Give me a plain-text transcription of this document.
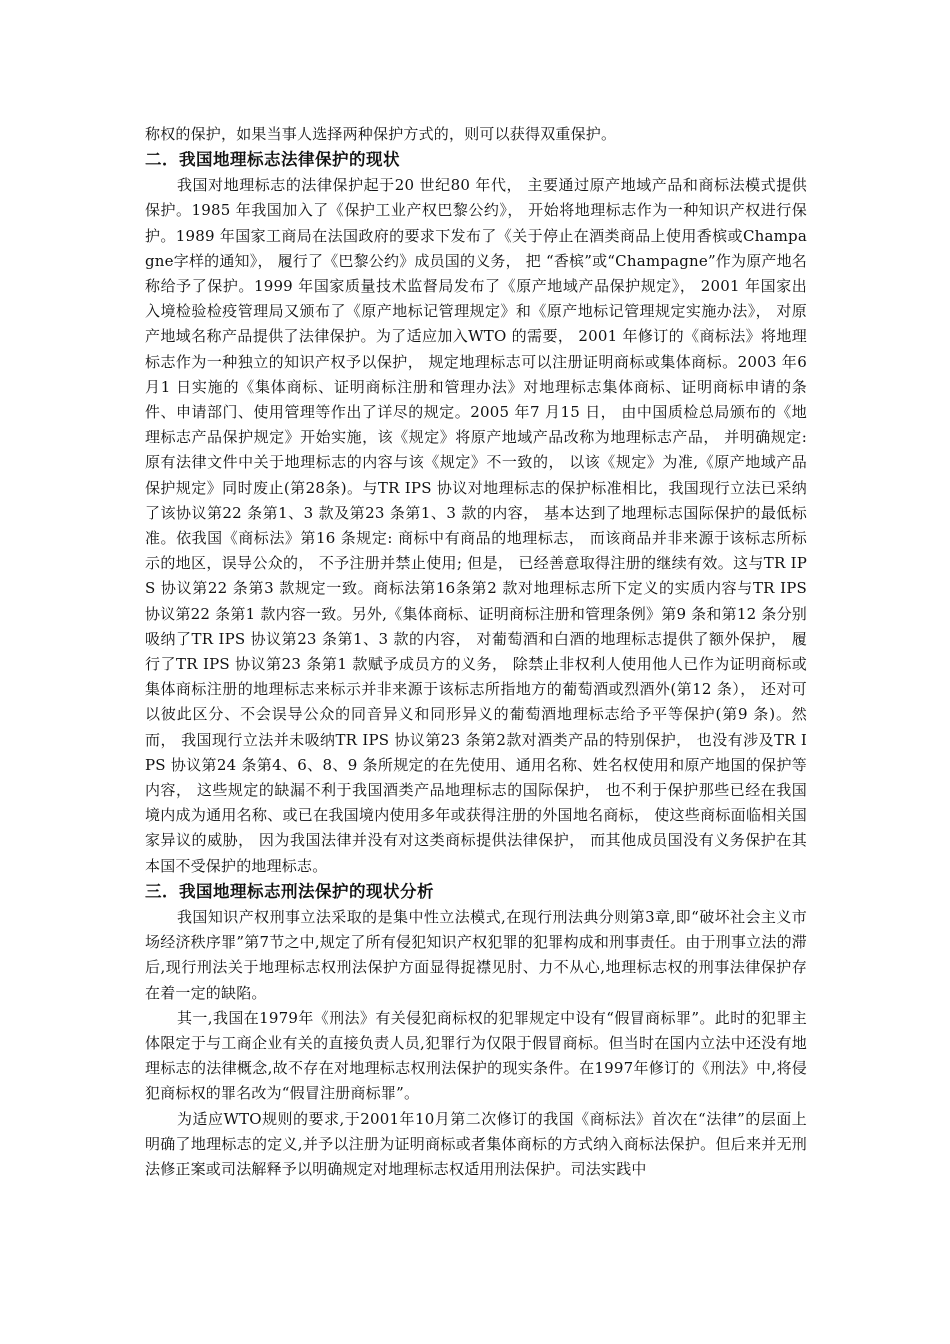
称权的保护，如果当事人选择两种保护方式的，则可以获得双重保护。

二．我国地理标志法律保护的现状

我国对地理标志的法律保护起于20 世纪80 年代， 主要通过原产地域产品和商标法模式提供保护。1985 年我国加入了《保护工业产权巴黎公约》， 开始将地理标志作为一种知识产权进行保护。1989 年国家工商局在法国政府的要求下发布了《关于停止在酒类商品上使用香槟或Champagne字样的通知》， 履行了《巴黎公约》成员国的义务， 把 “香槟”或“Champagne”作为原产地名称给予了保护。1999 年国家质量技术监督局发布了《原产地域产品保护规定》， 2001 年国家出入境检验检疫管理局又颁布了《原产地标记管理规定》和《原产地标记管理规定实施办法》， 对原产地域名称产品提供了法律保护。为了适应加入WTO 的需要， 2001 年修订的《商标法》将地理标志作为一种独立的知识产权予以保护， 规定地理标志可以注册证明商标或集体商标。2003 年6 月1 日实施的《集体商标、证明商标注册和管理办法》对地理标志集体商标、证明商标申请的条件、申请部门、使用管理等作出了详尽的规定。2005 年7 月15 日， 由中国质检总局颁布的《地理标志产品保护规定》开始实施，该《规定》将原产地域产品改称为地理标志产品， 并明确规定: 原有法律文件中关于地理标志的内容与该《规定》不一致的， 以该《规定》为准,《原产地域产品保护规定》同时废止(第28条)。与TR IPS 协议对地理标志的保护标准相比，我国现行立法已采纳了该协议第22 条第1、3 款及第23 条第1、3 款的内容， 基本达到了地理标志国际保护的最低标准。依我国《商标法》第16 条规定: 商标中有商品的地理标志， 而该商品并非来源于该标志所标示的地区，误导公众的， 不予注册并禁止使用; 但是， 已经善意取得注册的继续有效。这与TR IPS 协议第22 条第3 款规定一致。商标法第16条第2 款对地理标志所下定义的实质内容与TR IPS 协议第22 条第1 款内容一致。另外,《集体商标、证明商标注册和管理条例》第9 条和第12 条分别吸纳了TR IPS 协议第23 条第1、3 款的内容， 对葡萄酒和白酒的地理标志提供了额外保护， 履行了TR IPS 协议第23 条第1 款赋予成员方的义务， 除禁止非权利人使用他人已作为证明商标或集体商标注册的地理标志来标示并非来源于该标志所指地方的葡萄酒或烈酒外(第12 条）， 还对可以彼此区分、不会误导公众的同音异义和同形异义的葡萄酒地理标志给予平等保护(第9 条)。然而， 我国现行立法并未吸纳TR IPS 协议第23 条第2款对酒类产品的特别保护， 也没有涉及TR IPS 协议第24 条第4、6、8、9 条所规定的在先使用、通用名称、姓名权使用和原产地国的保护等内容， 这些规定的缺漏不利于我国酒类产品地理标志的国际保护， 也不利于保护那些已经在我国境内成为通用名称、或已在我国境内使用多年或获得注册的外国地名商标， 使这些商标面临相关国家异议的威胁， 因为我国法律并没有对这类商标提供法律保护， 而其他成员国没有义务保护在其本国不受保护的地理标志。

三．我国地理标志刑法保护的现状分析

我国知识产权刑事立法采取的是集中性立法模式,在现行刑法典分则第3章,即“破坏社会主义市场经济秩序罪”第7节之中,规定了所有侵犯知识产权犯罪的犯罪构成和刑事责任。由于刑事立法的滞后,现行刑法关于地理标志权刑法保护方面显得捉襟见肘、力不从心,地理标志权的刑事法律保护存在着一定的缺陷。

其一,我国在1979年《刑法》有关侵犯商标权的犯罪规定中设有“假冒商标罪”。此时的犯罪主体限定于与工商企业有关的直接负责人员,犯罪行为仅限于假冒商标。但当时在国内立法中还没有地理标志的法律概念,故不存在对地理标志权刑法保护的现实条件。在1997年修订的《刑法》中,将侵犯商标权的罪名改为“假冒注册商标罪”。

为适应WTO规则的要求,于2001年10月第二次修订的我国《商标法》首次在“法律”的层面上明确了地理标志的定义,并予以注册为证明商标或者集体商标的方式纳入商标法保护。但后来并无刑法修正案或司法解释予以明确规定对地理标志权适用刑法保护。司法实践中
